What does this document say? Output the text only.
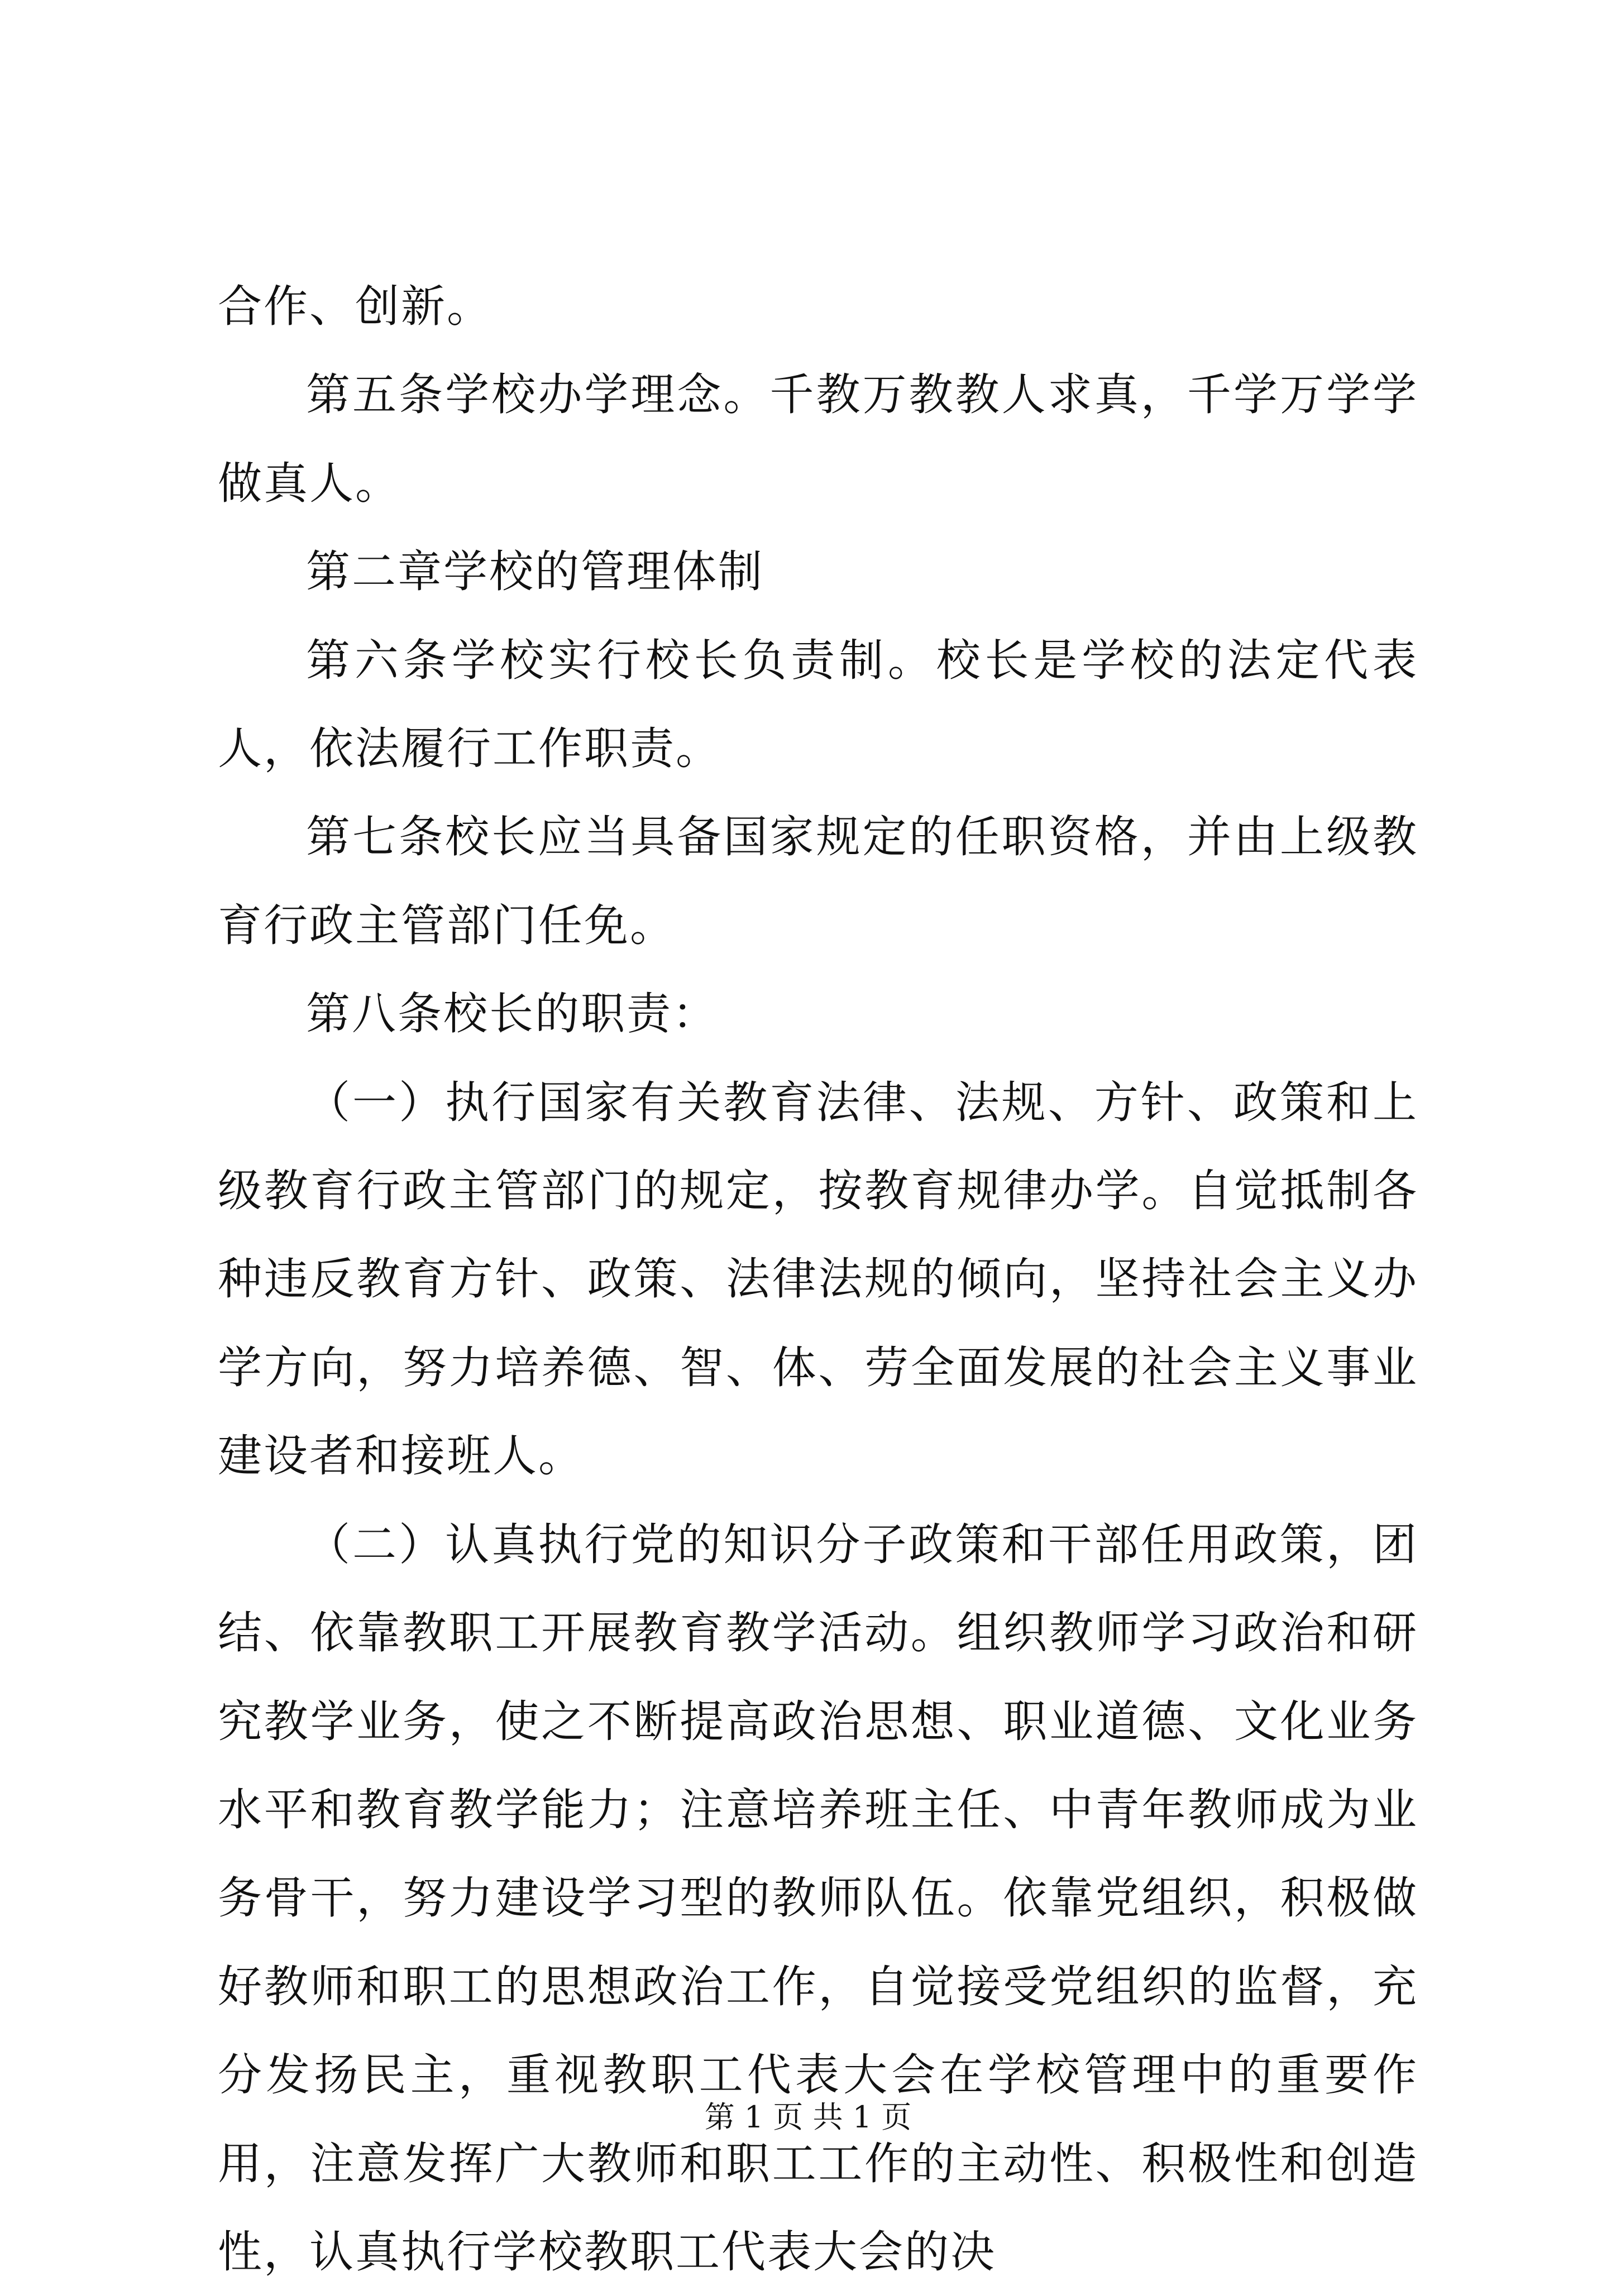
合作、创新。

第五条学校办学理念。千教万教教人求真，千学万学学做真人。

第二章学校的管理体制

第六条学校实行校长负责制。校长是学校的法定代表人，依法履行工作职责。

第七条校长应当具备国家规定的任职资格，并由上级教育行政主管部门任免。

第八条校长的职责：

（一）执行国家有关教育法律、法规、方针、政策和上级教育行政主管部门的规定，按教育规律办学。自觉抵制各种违反教育方针、政策、法律法规的倾向，坚持社会主义办学方向，努力培养德、智、体、劳全面发展的社会主义事业建设者和接班人。

（二）认真执行党的知识分子政策和干部任用政策，团结、依靠教职工开展教育教学活动。组织教师学习政治和研究教学业务，使之不断提高政治思想、职业道德、文化业务水平和教育教学能力；注意培养班主任、中青年教师成为业务骨干，努力建设学习型的教师队伍。依靠党组织，积极做好教师和职工的思想政治工作，自觉接受党组织的监督，充分发扬民主，重视教职工代表大会在学校管理中的重要作用，注意发挥广大教师和职工工作的主动性、积极性和创造性，认真执行学校教职工代表大会的决

第 1 页 共 1 页
